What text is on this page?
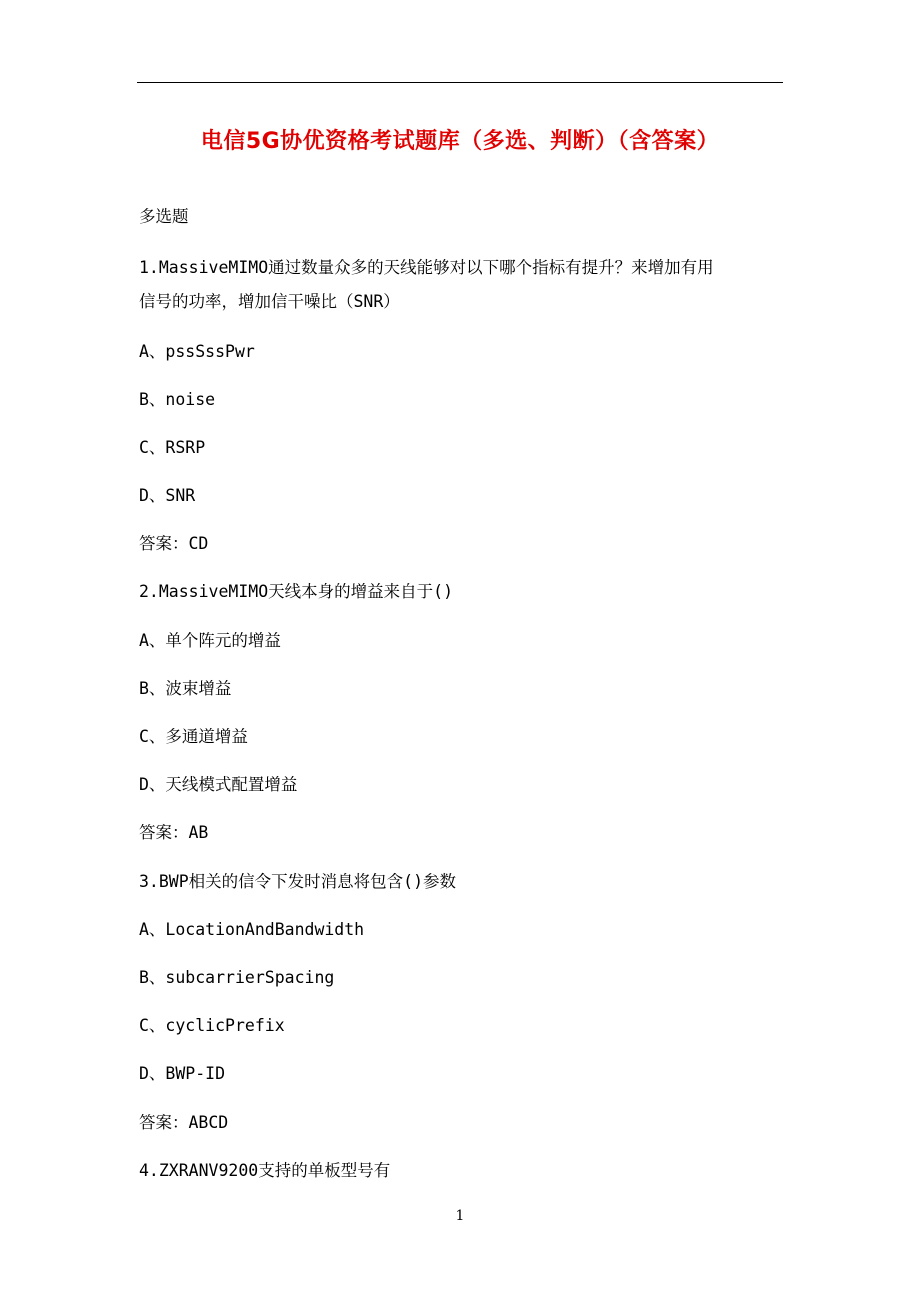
电信5G协优资格考试题库（多选、判断）（含答案）
多选题
1.MassiveMIMO通过数量众多的天线能够对以下哪个指标有提升？来增加有用
信号的功率，增加信干噪比（SNR）
A、pssSssPwr
B、noise
C、RSRP
D、SNR
答案：CD
2.MassiveMIMO天线本身的增益来自于()
A、单个阵元的增益
B、波束增益
C、多通道增益
D、天线模式配置增益
答案：AB
3.BWP相关的信令下发时消息将包含()参数
A、LocationAndBandwidth
B、subcarrierSpacing
C、cyclicPrefix
D、BWP-ID
答案：ABCD
4.ZXRANV9200支持的单板型号有
1
